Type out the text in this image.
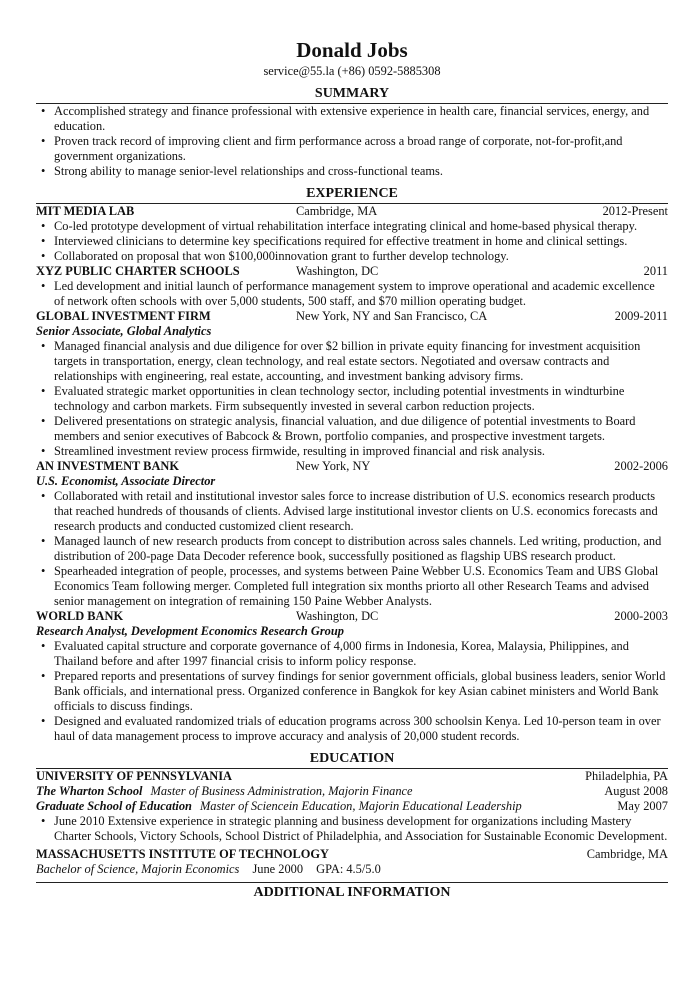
Donald Jobs
service@55.la (+86) 0592-5885308
SUMMARY
• Accomplished strategy and finance professional with extensive experience in health care, financial services, energy, and education.
• Proven track record of improving client and firm performance across a broad range of corporate, not-for-profit,and government organizations.
• Strong ability to manage senior-level relationships and cross-functional teams.
EXPERIENCE
MIT MEDIA LAB	Cambridge, MA	2012-Present
• Co-led prototype development of virtual rehabilitation interface integrating clinical and home-based physical therapy.
• Interviewed clinicians to determine key specifications required for effective treatment in home and clinical settings.
• Collaborated on proposal that won $100,000innovation grant to further develop technology.
XYZ PUBLIC CHARTER SCHOOLS	Washington, DC	2011
• Led development and initial launch of performance management system to improve operational and academic excellence of network often schools with over 5,000 students, 500 staff, and $70 million operating budget.
GLOBAL INVESTMENT FIRM	New York, NY and San Francisco, CA	2009-2011
Senior Associate, Global Analytics
• Managed financial analysis and due diligence for over $2 billion in private equity financing for investment acquisition targets in transportation, energy, clean technology, and real estate sectors. Negotiated and oversaw contracts and relationships with engineering, real estate, accounting, and investment banking advisory firms.
• Evaluated strategic market opportunities in clean technology sector, including potential investments in windturbine technology and carbon markets. Firm subsequently invested in several carbon reduction projects.
• Delivered presentations on strategic analysis, financial valuation, and due diligence of potential investments to Board members and senior executives of Babcock & Brown, portfolio companies, and prospective investment targets.
• Streamlined investment review process firmwide, resulting in improved financial and risk analysis.
AN INVESTMENT BANK	New York, NY	2002-2006
U.S. Economist, Associate Director
• Collaborated with retail and institutional investor sales force to increase distribution of U.S. economics research products that reached hundreds of thousands of clients. Advised large institutional investor clients on U.S. economics forecasts and research products and conducted customized client research.
• Managed launch of new research products from concept to distribution across sales channels. Led writing, production, and distribution of 200-page Data Decoder reference book, successfully positioned as flagship UBS research product.
• Spearheaded integration of people, processes, and systems between Paine Webber U.S. Economics Team and UBS Global Economics Team following merger. Completed full integration six months priorto all other Research Teams and advised senior management on integration of remaining 150 Paine Webber Analysts.
WORLD BANK	Washington, DC	2000-2003
Research Analyst, Development Economics Research Group
• Evaluated capital structure and corporate governance of 4,000 firms in Indonesia, Korea, Malaysia, Philippines, and Thailand before and after 1997 financial crisis to inform policy response.
• Prepared reports and presentations of survey findings for senior government officials, global business leaders, senior World Bank officials, and international press. Organized conference in Bangkok for key Asian cabinet ministers and World Bank officials to discuss findings.
• Designed and evaluated randomized trials of education programs across 300 schoolsin Kenya. Led 10-person team in over haul of data management process to improve accuracy and analysis of 20,000 student records.
EDUCATION
UNIVERSITY OF PENNSYLVANIA	Philadelphia, PA
The Wharton School Master of Business Administration, Majorin Finance	August 2008
Graduate School of Education Master of Sciencein Education, Majorin Educational Leadership	May 2007
• June 2010 Extensive experience in strategic planning and business development for organizations including Mastery Charter Schools, Victory Schools, School District of Philadelphia, and Association for Sustainable Economic Development.
MASSACHUSETTS INSTITUTE OF TECHNOLOGY	Cambridge, MA
Bachelor of Science, Majorin Economics June 2000 GPA: 4.5/5.0
ADDITIONAL INFORMATION
